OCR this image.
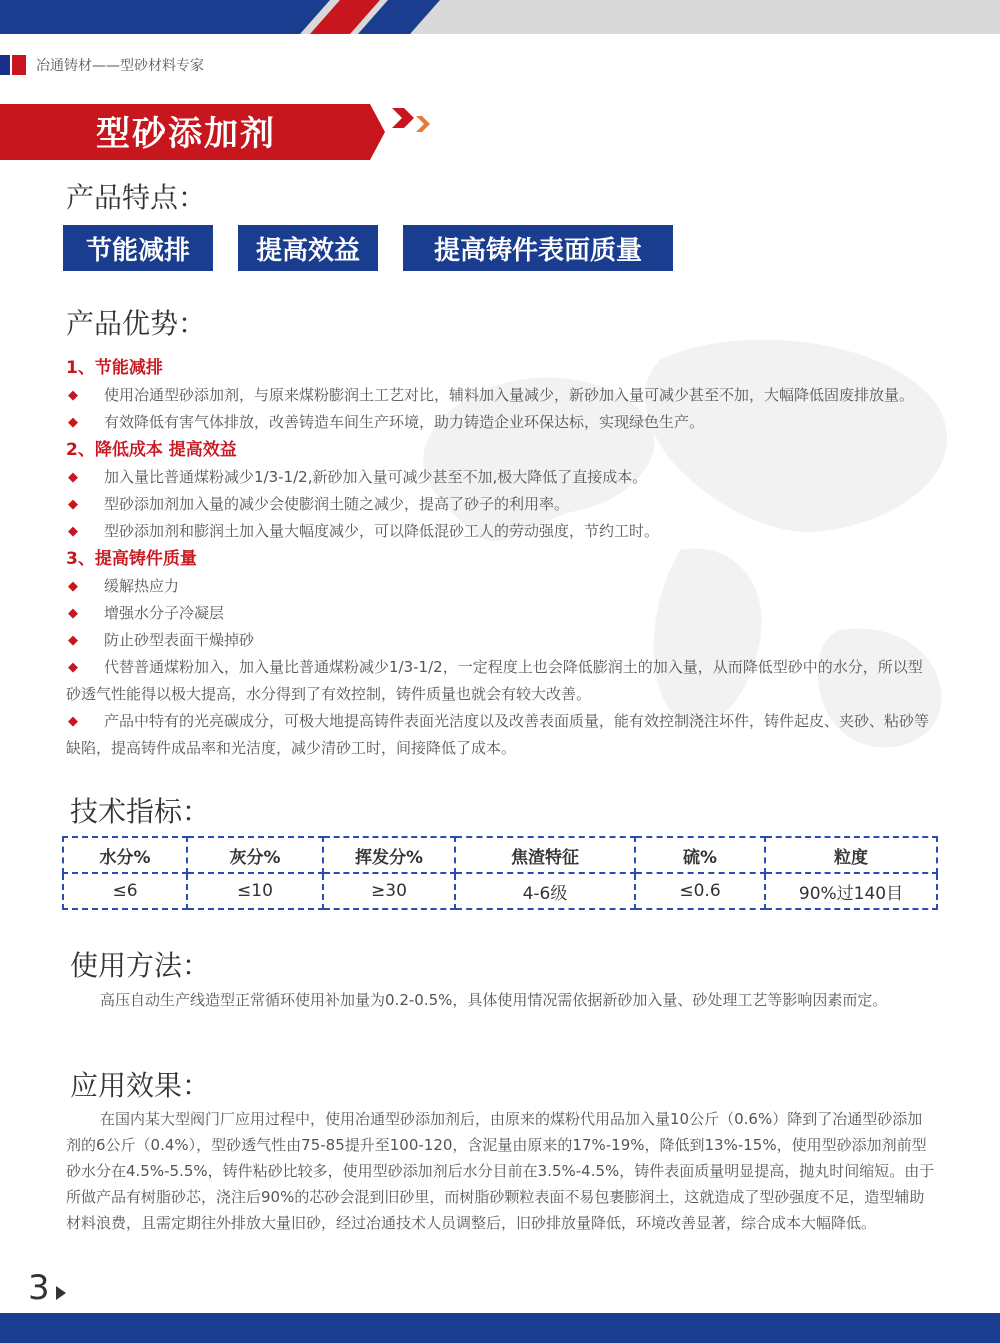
冶通铸材——型砂材料专家
型砂添加剂
产品特点：
节能减排	提高效益	提高铸件表面质量
产品优势：
1、节能减排
◆ 使用冶通型砂添加剂，与原来煤粉膨润土工艺对比，辅料加入量减少，新砂加入量可减少甚至不加，大幅降低固废排放量。
◆ 有效降低有害气体排放，改善铸造车间生产环境，助力铸造企业环保达标，实现绿色生产。
2、降低成本 提高效益
◆ 加入量比普通煤粉减少1/3-1/2,新砂加入量可减少甚至不加,极大降低了直接成本。
◆ 型砂添加剂加入量的减少会使膨润土随之减少，提高了砂子的利用率。
◆ 型砂添加剂和膨润土加入量大幅度减少，可以降低混砂工人的劳动强度，节约工时。
3、提高铸件质量
◆ 缓解热应力
◆ 增强水分子冷凝层
◆ 防止砂型表面干燥掉砂
◆ 代替普通煤粉加入，加入量比普通煤粉减少1/3-1/2，一定程度上也会降低膨润土的加入量，从而降低型砂中的水分，所以型砂透气性能得以极大提高，水分得到了有效控制，铸件质量也就会有较大改善。
◆ 产品中特有的光亮碳成分，可极大地提高铸件表面光洁度以及改善表面质量，能有效控制浇注坏件，铸件起皮、夹砂、粘砂等缺陷，提高铸件成品率和光洁度，减少清砂工时，间接降低了成本。
技术指标：
水分%	灰分%	挥发分%	焦渣特征	硫%	粒度
≤6	≤10	≥30	4-6级	≤0.6	90%过140目
使用方法：
高压自动生产线造型正常循环使用补加量为0.2-0.5%，具体使用情况需依据新砂加入量、砂处理工艺等影响因素而定。
应用效果：
在国内某大型阀门厂应用过程中，使用冶通型砂添加剂后，由原来的煤粉代用品加入量10公斤（0.6%）降到了冶通型砂添加剂的6公斤（0.4%），型砂透气性由75-85提升至100-120，含泥量由原来的17%-19%，降低到13%-15%，使用型砂添加剂前型砂水分在4.5%-5.5%，铸件粘砂比较多，使用型砂添加剂后水分目前在3.5%-4.5%，铸件表面质量明显提高，抛丸时间缩短。由于所做产品有树脂砂芯，浇注后90%的芯砂会混到旧砂里，而树脂砂颗粒表面不易包裹膨润土，这就造成了型砂强度不足，造型辅助材料浪费，且需定期往外排放大量旧砂，经过冶通技术人员调整后，旧砂排放量降低，环境改善显著，综合成本大幅降低。
3
